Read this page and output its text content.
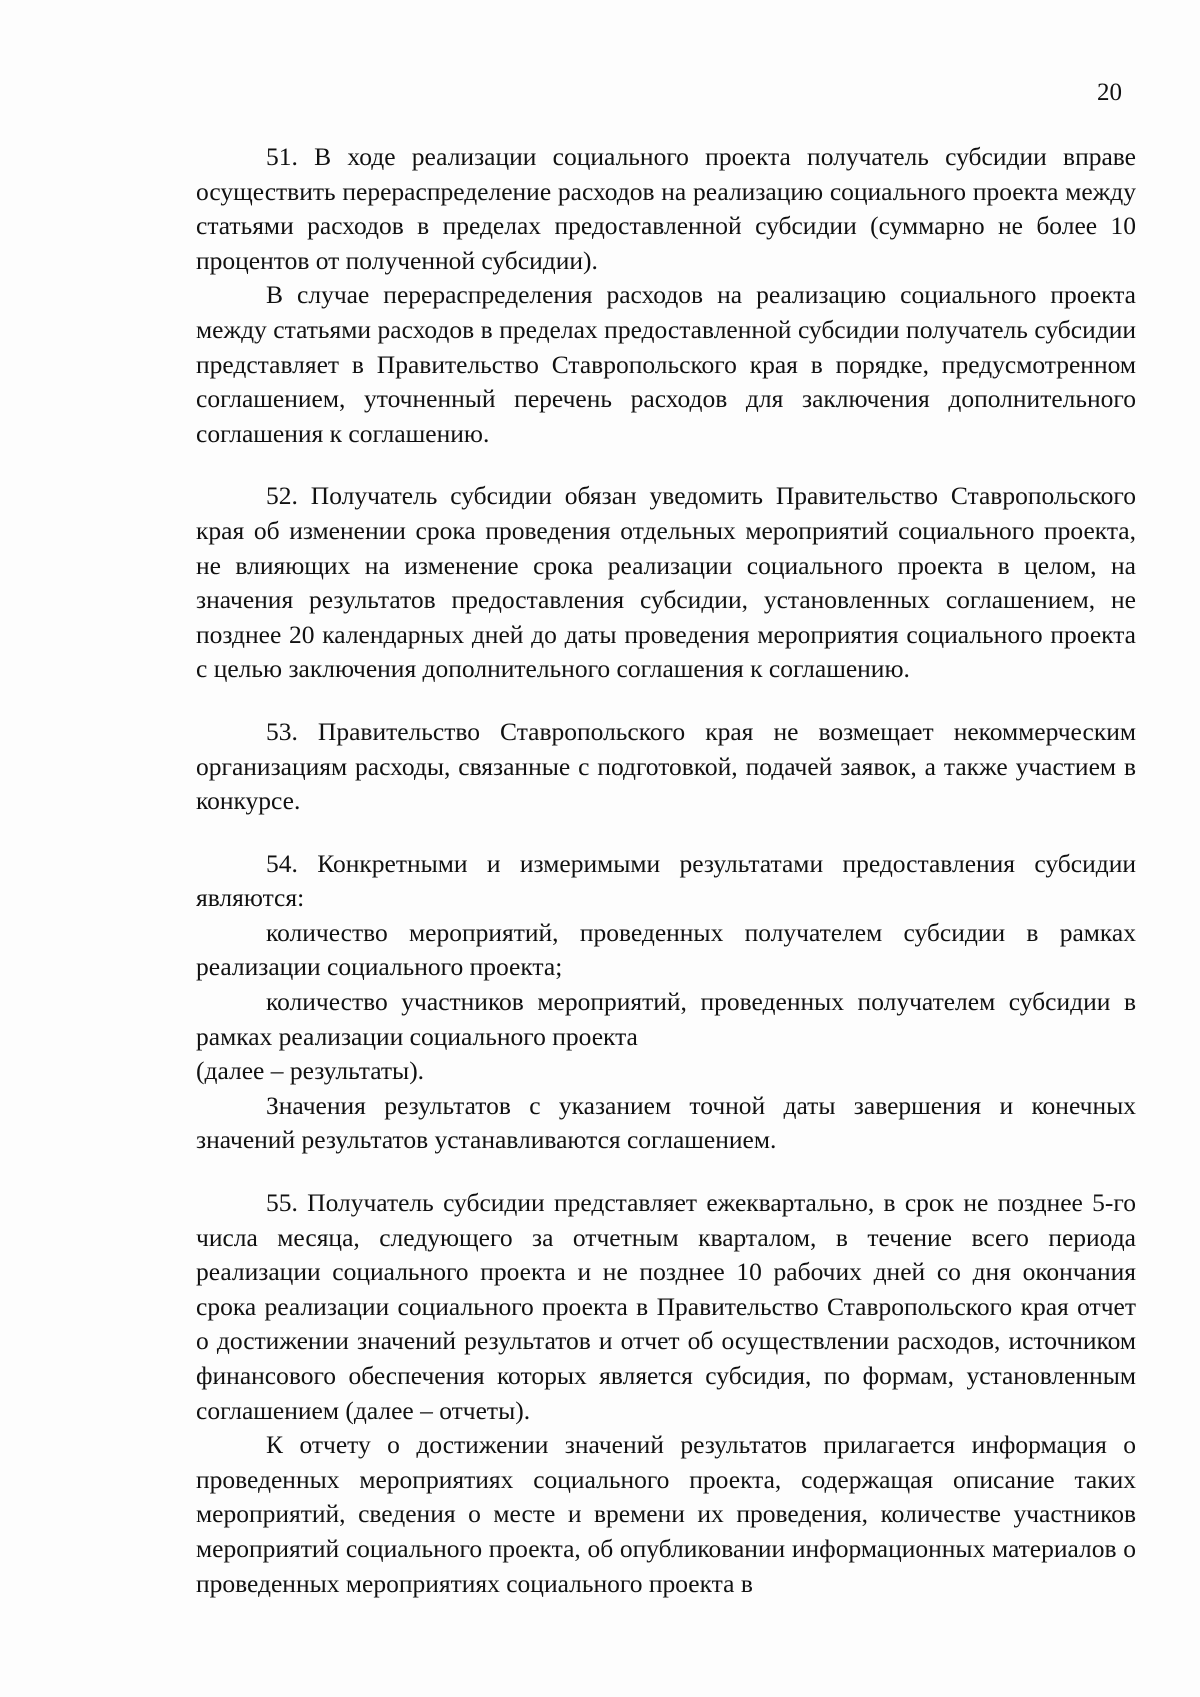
20

51. В ходе реализации социального проекта получатель субсидии вправе осуществить перераспределение расходов на реализацию социального проекта между статьями расходов в пределах предоставленной субсидии (суммарно не более 10 процентов от полученной субсидии).

В случае перераспределения расходов на реализацию социального проекта между статьями расходов в пределах предоставленной субсидии получатель субсидии представляет в Правительство Ставропольского края в порядке, предусмотренном соглашением, уточненный перечень расходов для заключения дополнительного соглашения к соглашению.

52. Получатель субсидии обязан уведомить Правительство Ставропольского края об изменении срока проведения отдельных мероприятий социального проекта, не влияющих на изменение срока реализации социального проекта в целом, на значения результатов предоставления субсидии, установленных соглашением, не позднее 20 календарных дней до даты проведения мероприятия социального проекта с целью заключения дополнительного соглашения к соглашению.

53. Правительство Ставропольского края не возмещает некоммерческим организациям расходы, связанные с подготовкой, подачей заявок, а также участием в конкурсе.

54. Конкретными и измеримыми результатами предоставления субсидии являются:

количество мероприятий, проведенных получателем субсидии в рамках реализации социального проекта;

количество участников мероприятий, проведенных получателем субсидии в рамках реализации социального проекта

(далее – результаты).

Значения результатов с указанием точной даты завершения и конечных значений результатов устанавливаются соглашением.

55. Получатель субсидии представляет ежеквартально, в срок не позднее 5-го числа месяца, следующего за отчетным кварталом, в течение всего периода реализации социального проекта и не позднее 10 рабочих дней со дня окончания срока реализации социального проекта в Правительство Ставропольского края отчет о достижении значений результатов и отчет об осуществлении расходов, источником финансового обеспечения которых является субсидия, по формам, установленным соглашением (далее – отчеты).

К отчету о достижении значений результатов прилагается информация о проведенных мероприятиях социального проекта, содержащая описание таких мероприятий, сведения о месте и времени их проведения, количестве участников мероприятий социального проекта, об опубликовании информационных материалов о проведенных мероприятиях социального проекта в
